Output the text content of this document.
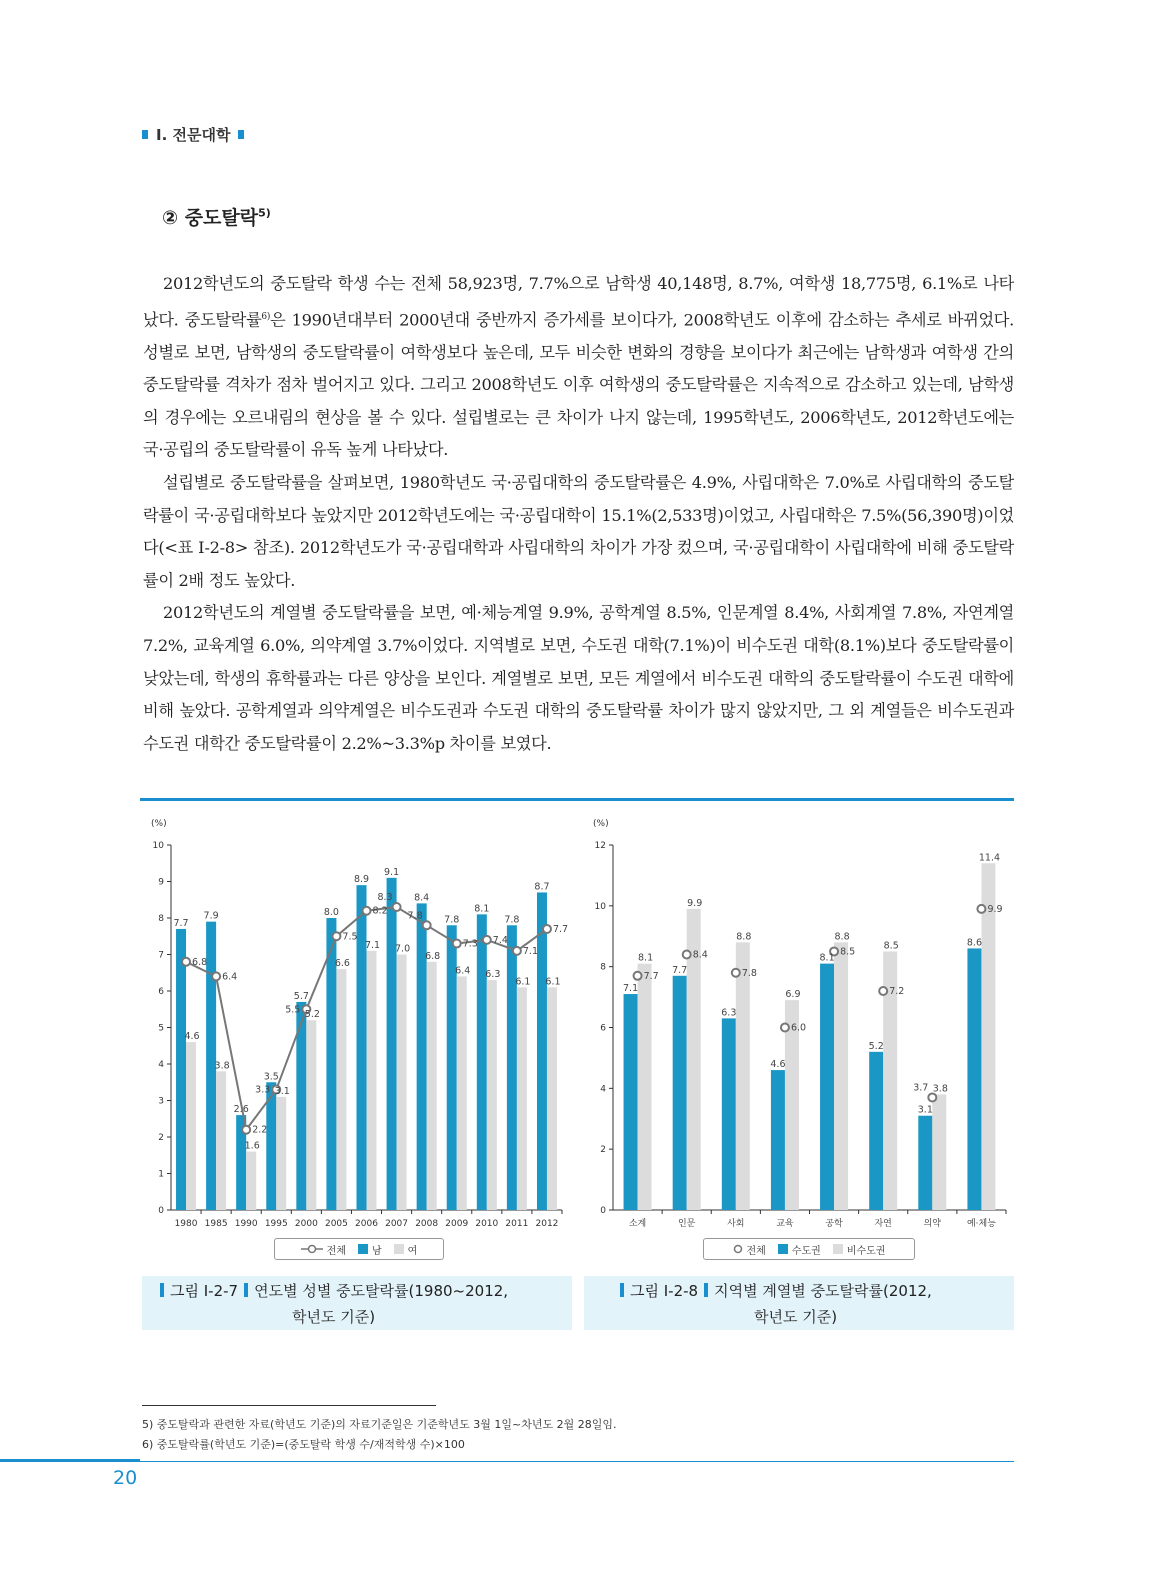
Ⅰ. 전문대학
② 중도탈락$^{5)}$

2012학년도의 중도탈락 학생 수는 전체 58,923명, 7.7%으로 남학생 40,148명, 8.7%, 여학생 18,775명, 6.1%로 나타났다. 중도탈락률$^{6)}$은 1990년대부터 2000년대 중반까지 증가세를 보이다가, 2008학년도 이후에 감소하는 추세로 바뀌었다. 성별로 보면, 남학생의 중도탈락률이 여학생보다 높은데, 모두 비슷한 변화의 경향을 보이다가 최근에는 남학생과 여학생 간의 중도탈락률 격차가 점차 벌어지고 있다. 그리고 2008학년도 이후 여학생의 중도탈락률은 지속적으로 감소하고 있는데, 남학생의 경우에는 오르내림의 현상을 볼 수 있다. 설립별로는 큰 차이가 나지 않는데, 1995학년도, 2006학년도, 2012학년도에는 국·공립의 중도탈락률이 유독 높게 나타났다.

설립별로 중도탈락률을 살펴보면, 1980학년도 국·공립대학의 중도탈락률은 4.9%, 사립대학은 7.0%로 사립대학의 중도탈락률이 국·공립대학보다 높았지만 2012학년도에는 국·공립대학이 15.1%(2,533명)이었고, 사립대학은 7.5%(56,390명)이었다(<표 Ⅰ-2-8> 참조). 2012학년도가 국·공립대학과 사립대학의 차이가 가장 컸으며, 국·공립대학이 사립대학에 비해 중도탈락률이 2배 정도 높았다.

2012학년도의 계열별 중도탈락률을 보면, 예·체능계열 9.9%, 공학계열 8.5%, 인문계열 8.4%, 사회계열 7.8%, 자연계열 7.2%, 교육계열 6.0%, 의약계열 3.7%이었다. 지역별로 보면, 수도권 대학(7.1%)이 비수도권 대학(8.1%)보다 중도탈락률이 낮았는데, 학생의 휴학률과는 다른 양상을 보인다. 계열별로 보면, 모든 계열에서 비수도권 대학의 중도탈락률이 수도권 대학에 비해 높았다. 공학계열과 의약계열은 비수도권과 수도권 대학의 중도탈락률 차이가 많지 않았지만, 그 외 계열들은 비수도권과 수도권 대학간 중도탈락률이 2.2%~3.3%p 차이를 보였다.

(%)
0
1
2
3
4
5
6
7
8
9
10
1980 1985 1990 1995 2000 2005 2006 2007 2008 2009 2010 2011 2012
7.7
4.6
7.9
3.8
2.6
1.6
3.5
3.1
5.7
5.2
8.0
6.6
8.9
7.1
9.1
7.0
8.4
6.8
7.8
6.4
8.1
6.3
7.8
6.1
8.7
6.1
6.8
6.4
2.2
3.3
5.5
7.5
8.2
8.3
7.8
7.3 7.4
7.1
7.7
(%)
0
2
4
6
8
10
12
소계	인문	사회	교육	공학	자연	의약	예·체능
7.1
8.1
7.7
9.9
6.3
8.8
4.6
6.9
8.1
8.8
5.2
8.5
3.1
3.8
8.6
11.4
7.7
8.4
7.8
6.0
8.5
7.2
3.7
9.9
전체	남	여	전체	수도권	비수도권
그림 Ⅰ-2-7 연도별 성별 중도탈락률(1980~2012,
학년도 기준)
그림 Ⅰ-2-8 지역별 계열별 중도탈락률(2012,
학년도 기준)
5) 중도탈락과 관련한 자료(학년도 기준)의 자료기준일은 기준학년도 3월 1일~차년도 2월 28일임.
6) 중도탈락률(학년도 기준)=(중도탈락 학생 수/재적학생 수)×100
20
